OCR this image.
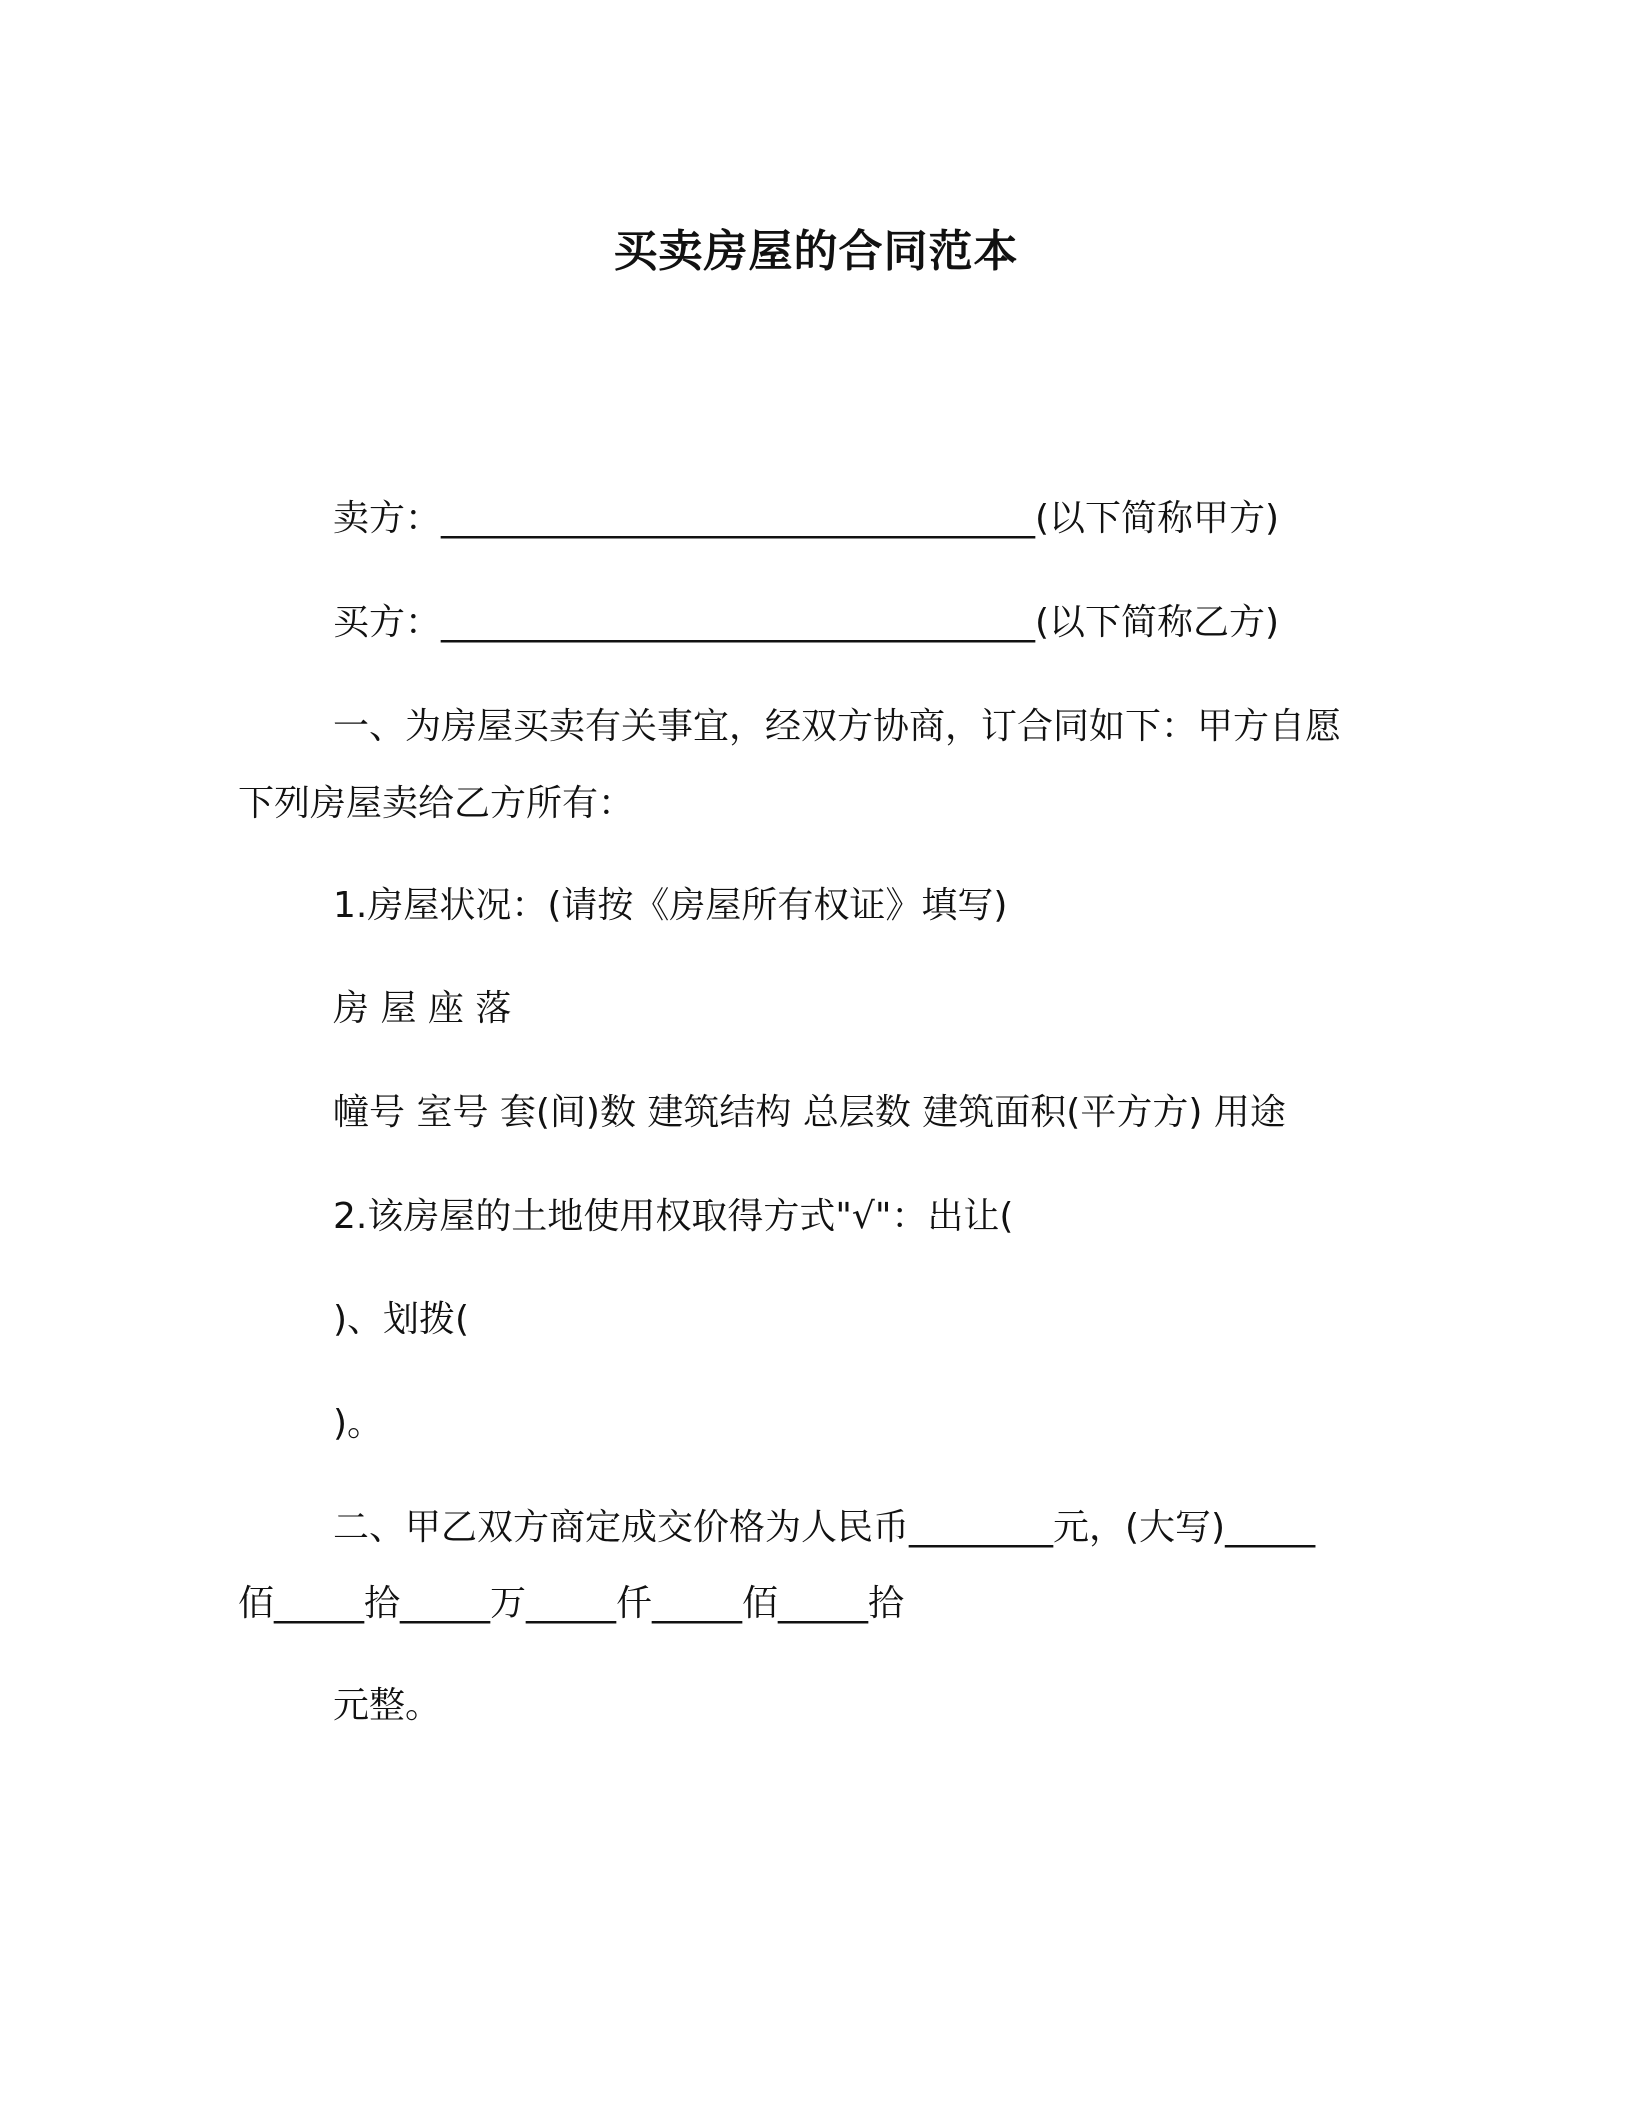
买卖房屋的合同范本
卖方：_________________________________(以下简称甲方)
买方：_________________________________(以下简称乙方)
一、为房屋买卖有关事宜，经双方协商，订合同如下：甲方自愿
下列房屋卖给乙方所有：
1.房屋状况：(请按《房屋所有权证》填写)
房 屋 座 落
幢号 室号 套(间)数 建筑结构 总层数 建筑面积(平方方) 用途
2.该房屋的土地使用权取得方式"√"：出让(
)、划拨(
)。
二、甲乙双方商定成交价格为人民币________元，(大写)_____
佰_____拾_____万_____仟_____佰_____拾
元整。
